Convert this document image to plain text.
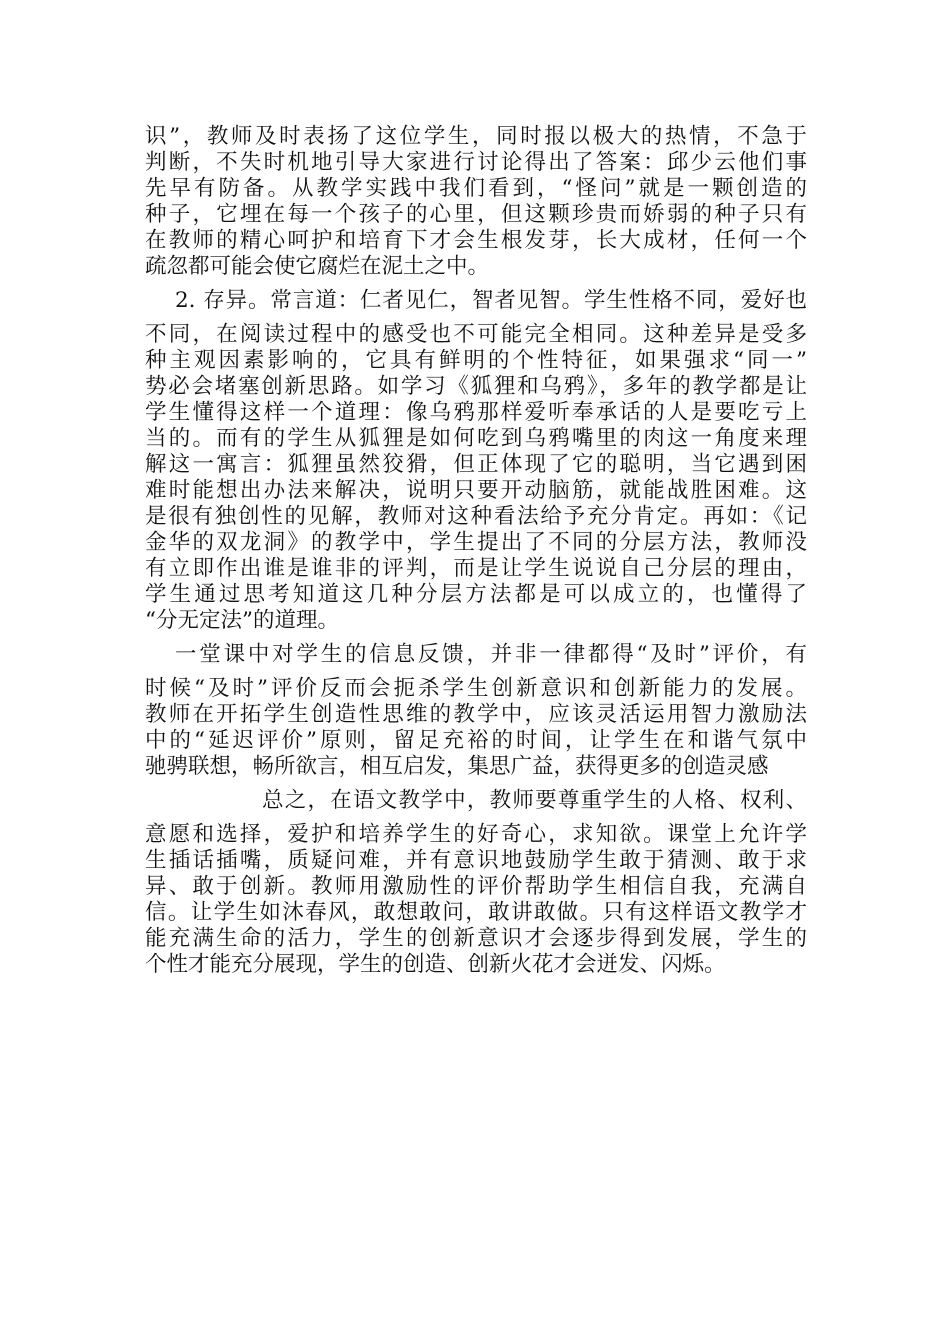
识”，教师及时表扬了这位学生，同时报以极大的热情，不急于
判断，不失时机地引导大家进行讨论得出了答案：邱少云他们事
先早有防备。从教学实践中我们看到，“怪问”就是一颗创造的
种子，它埋在每一个孩子的心里，但这颗珍贵而娇弱的种子只有
在教师的精心呵护和培育下才会生根发芽，长大成材，任何一个
疏忽都可能会使它腐烂在泥土之中。
2. 存异。常言道：仁者见仁，智者见智。学生性格不同，爱好也
不同，在阅读过程中的感受也不可能完全相同。这种差异是受多
种主观因素影响的，它具有鲜明的个性特征，如果强求“同一”
势必会堵塞创新思路。如学习《狐狸和乌鸦》，多年的教学都是让
学生懂得这样一个道理：像乌鸦那样爱听奉承话的人是要吃亏上
当的。而有的学生从狐狸是如何吃到乌鸦嘴里的肉这一角度来理
解这一寓言：狐狸虽然狡猾，但正体现了它的聪明，当它遇到困
难时能想出办法来解决，说明只要开动脑筋，就能战胜困难。这
是很有独创性的见解，教师对这种看法给予充分肯定。再如：《记
金华的双龙洞》的教学中，学生提出了不同的分层方法，教师没
有立即作出谁是谁非的评判，而是让学生说说自己分层的理由，
学生通过思考知道这几种分层方法都是可以成立的，也懂得了
“分无定法”的道理。
一堂课中对学生的信息反馈，并非一律都得“及时”评价，有
时候“及时”评价反而会扼杀学生创新意识和创新能力的发展。
教师在开拓学生创造性思维的教学中，应该灵活运用智力激励法
中的“延迟评价”原则，留足充裕的时间，让学生在和谐气氛中
驰骋联想，畅所欲言，相互启发，集思广益，获得更多的创造灵感
总之，在语文教学中，教师要尊重学生的人格、权利、
意愿和选择，爱护和培养学生的好奇心，求知欲。课堂上允许学
生插话插嘴，质疑问难，并有意识地鼓励学生敢于猜测、敢于求
异、敢于创新。教师用激励性的评价帮助学生相信自我，充满自
信。让学生如沐春风，敢想敢问，敢讲敢做。只有这样语文教学才
能充满生命的活力，学生的创新意识才会逐步得到发展，学生的
个性才能充分展现，学生的创造、创新火花才会迸发、闪烁。
